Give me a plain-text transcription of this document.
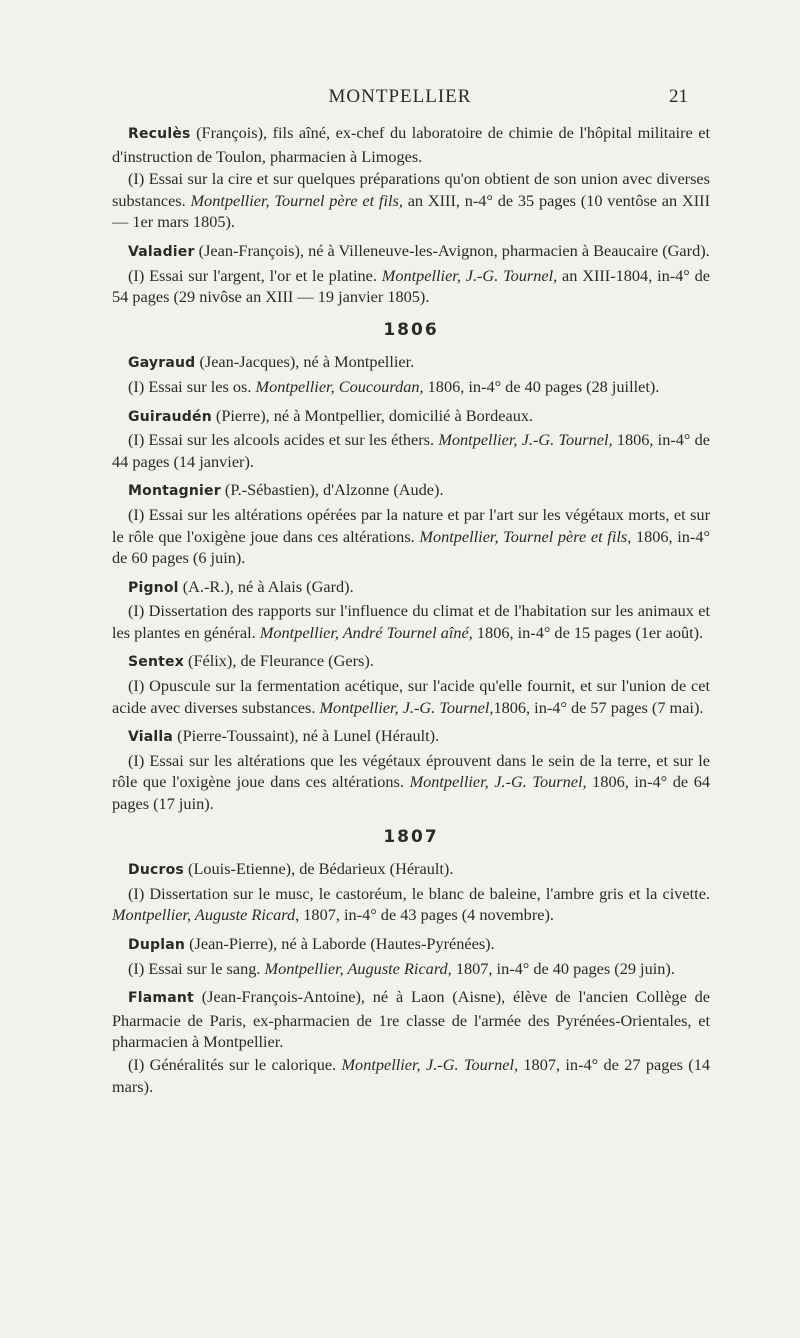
MONTPELLIER	21

Reculès (François), fils aîné, ex-chef du laboratoire de chimie de l'hôpital militaire et d'instruction de Toulon, pharmacien à Limoges.

(I) Essai sur la cire et sur quelques préparations qu'on obtient de son union avec diverses substances. Montpellier, Tournel père et fils, an XIII, n-4° de 35 pages (10 ventôse an XIII — 1er mars 1805).

Valadier (Jean-François), né à Villeneuve-les-Avignon, pharmacien à Beaucaire (Gard).

(I) Essai sur l'argent, l'or et le platine. Montpellier, J.-G. Tournel, an XIII-1804, in-4° de 54 pages (29 nivôse an XIII — 19 janvier 1805).

1806

Gayraud (Jean-Jacques), né à Montpellier.

(I) Essai sur les os. Montpellier, Coucourdan, 1806, in-4° de 40 pages (28 juillet).

Guiraudén (Pierre), né à Montpellier, domicilié à Bordeaux.

(I) Essai sur les alcools acides et sur les éthers. Montpellier, J.-G. Tournel, 1806, in-4° de 44 pages (14 janvier).

Montagnier (P.-Sébastien), d'Alzonne (Aude).

(I) Essai sur les altérations opérées par la nature et par l'art sur les végétaux morts, et sur le rôle que l'oxigène joue dans ces altérations. Montpellier, Tournel père et fils, 1806, in-4° de 60 pages (6 juin).

Pignol (A.-R.), né à Alais (Gard).

(I) Dissertation des rapports sur l'influence du climat et de l'habitation sur les animaux et les plantes en général. Montpellier, André Tournel aîné, 1806, in-4° de 15 pages (1er août).

Sentex (Félix), de Fleurance (Gers).

(I) Opuscule sur la fermentation acétique, sur l'acide qu'elle fournit, et sur l'union de cet acide avec diverses substances. Montpellier, J.-G. Tournel,1806, in-4° de 57 pages (7 mai).

Vialla (Pierre-Toussaint), né à Lunel (Hérault).

(I) Essai sur les altérations que les végétaux éprouvent dans le sein de la terre, et sur le rôle que l'oxigène joue dans ces altérations. Montpellier, J.-G. Tournel, 1806, in-4° de 64 pages (17 juin).

1807

Ducros (Louis-Etienne), de Bédarieux (Hérault).

(I) Dissertation sur le musc, le castoréum, le blanc de baleine, l'ambre gris et la civette. Montpellier, Auguste Ricard, 1807, in-4° de 43 pages (4 novembre).

Duplan (Jean-Pierre), né à Laborde (Hautes-Pyrénées).

(I) Essai sur le sang. Montpellier, Auguste Ricard, 1807, in-4° de 40 pages (29 juin).

Flamant (Jean-François-Antoine), né à Laon (Aisne), élève de l'ancien Collège de Pharmacie de Paris, ex-pharmacien de 1re classe de l'armée des Pyrénées-Orientales, et pharmacien à Montpellier.

(I) Généralités sur le calorique. Montpellier, J.-G. Tournel, 1807, in-4° de 27 pages (14 mars).
